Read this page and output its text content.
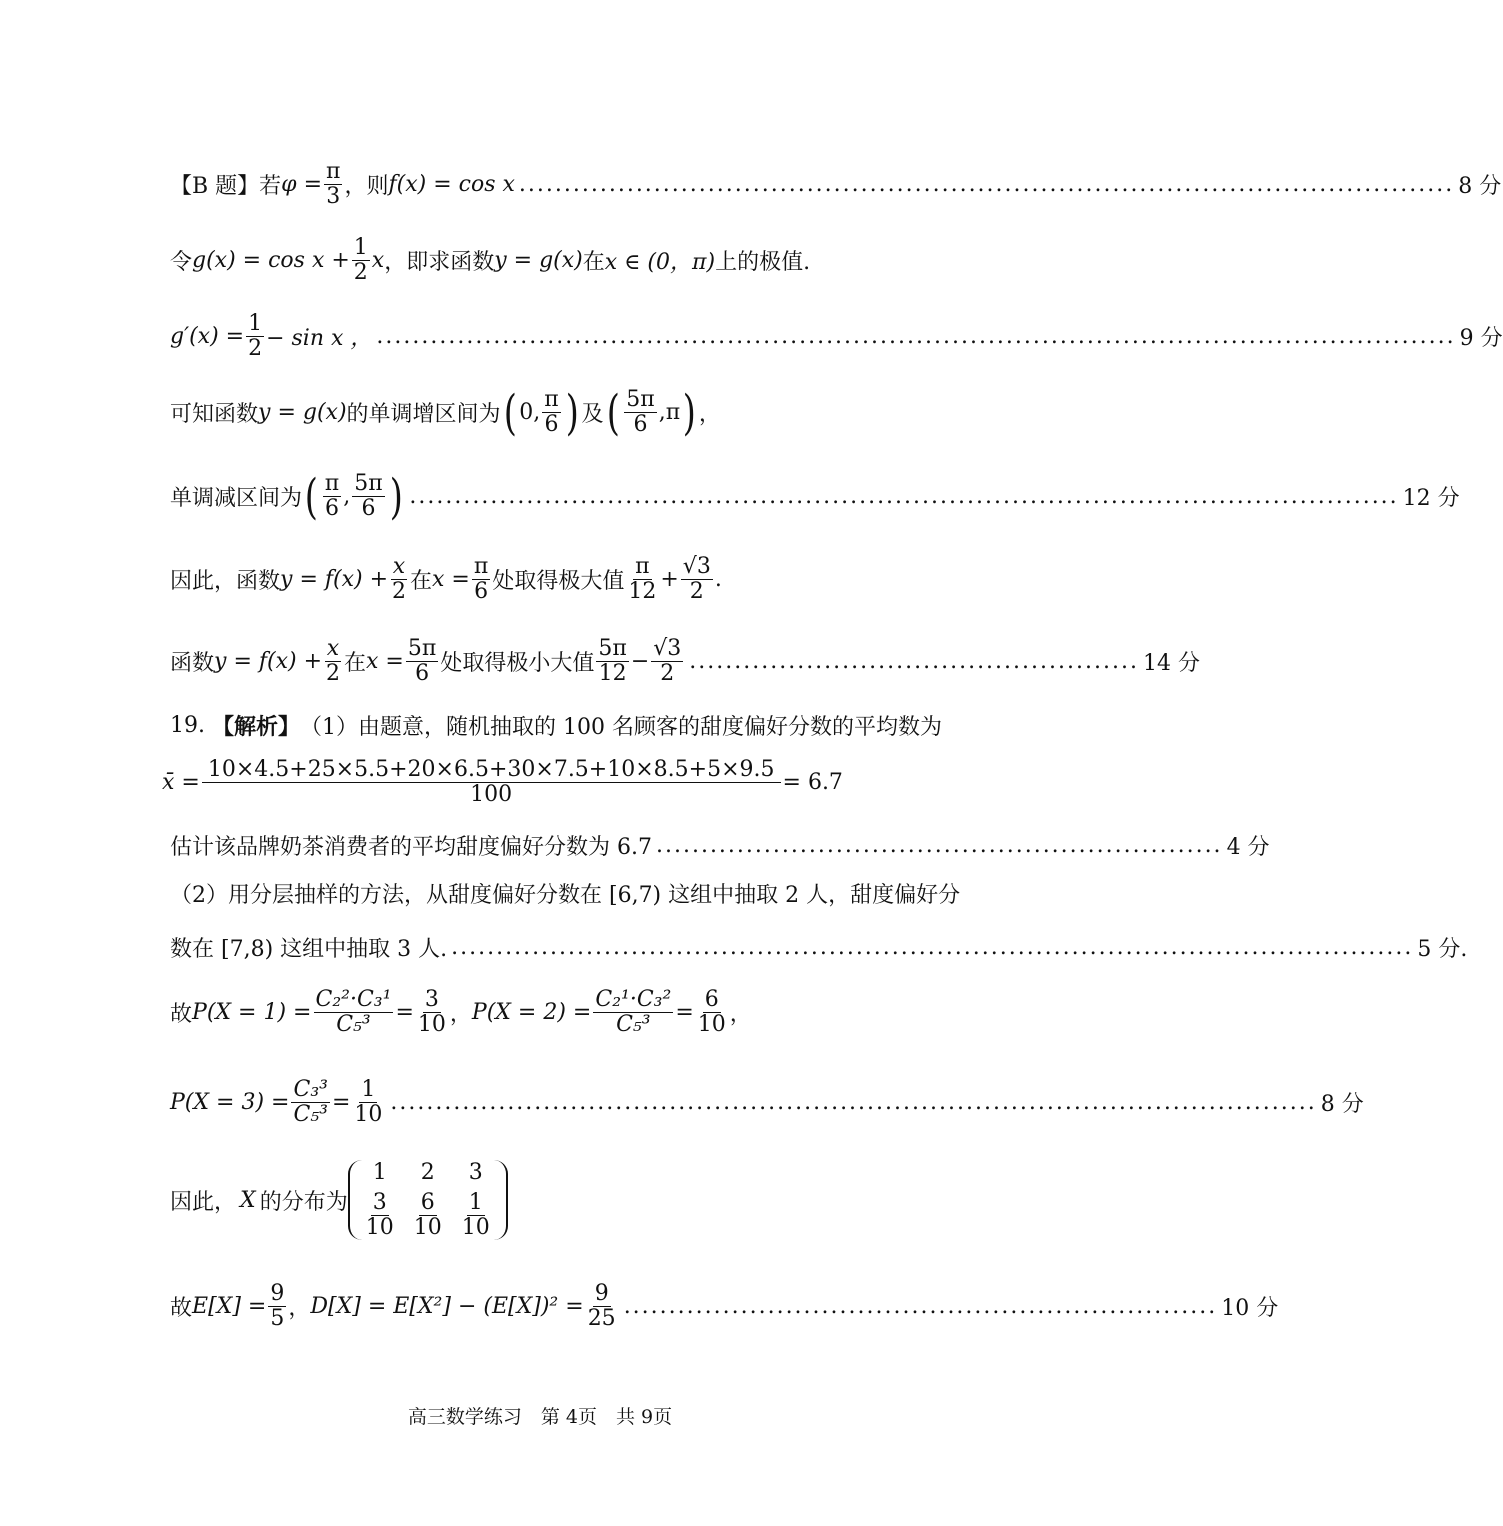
【B 题】若 $\varphi = \frac{\pi}{3}$ ，则 f(x) = cos x ........................................................................................................ 8 分
令 $g(x) = \cos x + \frac{1}{2}$ x ，即求函数 y = g(x) 在 x ∈ (0，π) 上的极值.
$g'(x) = \frac{1}{2} - \sin x$ ， ........................................................................................................................ 9 分
可知函数 y = g(x) 的单调增区间为 ( 0, $\frac{\pi}{6}$ ) 及 ( $\frac{5\pi}{6} ,\pi$ ) ，
单调减区间为 ( $\frac{\pi}{6}$ , $\frac{5\pi}{6}$ ) .............................................................................................................. 12 分
因此，函数 $y = f(x) + \frac{x}{2}$ 在 $x = \frac{\pi}{6}$ 处取得极大值 $\frac{\pi}{12} + \frac{√3}{2}$ .
函数 $y = f(x) + \frac{x}{2}$ 在 $x = \frac{5\pi}{6}$ 处取得极小大值 $\frac{5\pi}{12} - \frac{√3}{2}$ .................................................. 14 分
19.
【解析】 （1）由题意，随机抽取的 100 名顾客的甜度偏好分数的平均数为
x̄ = $\frac{10\times 4.5+25\times 5.5+20\times 6.5+30\times 7.5+10\times 8.5+5\times 9.5}{100} = 6.7$
估计该品牌奶茶消费者的平均甜度偏好分数为 6.7 ............................................................... 4 分
（2）用分层抽样的方法，从甜度偏好分数在 [6,7) 这组中抽取 2 人，甜度偏好分
数在 [7,8) 这组中抽取 3 人. ........................................................................................................... 5 分.
故 $P(X = 1) = \frac{\text{C₂²·C₃¹}}{\text{C₅³}} = \frac{3}{10}$ ， $P(X = 2) = \frac{\text{C₂¹·C₃²}}{\text{C₅³}} = \frac{6}{10}$ ，
$P(X = 3) = \frac{\text{C₃³}}{\text{C₅³}} = \frac{1}{10}$ ....................................................................................................... 8 分
因此， X 的分布为
1	2	3
$\frac{3}{10} \frac{6}{10} \frac{1}{10}$
故 $E[X] = \frac{9}{5}$ ， $D[X] = E[X^2] - (E[X])^2 = \frac{9}{25}$ .................................................................. 10 分
高三数学练习　第 4页　共 9页
